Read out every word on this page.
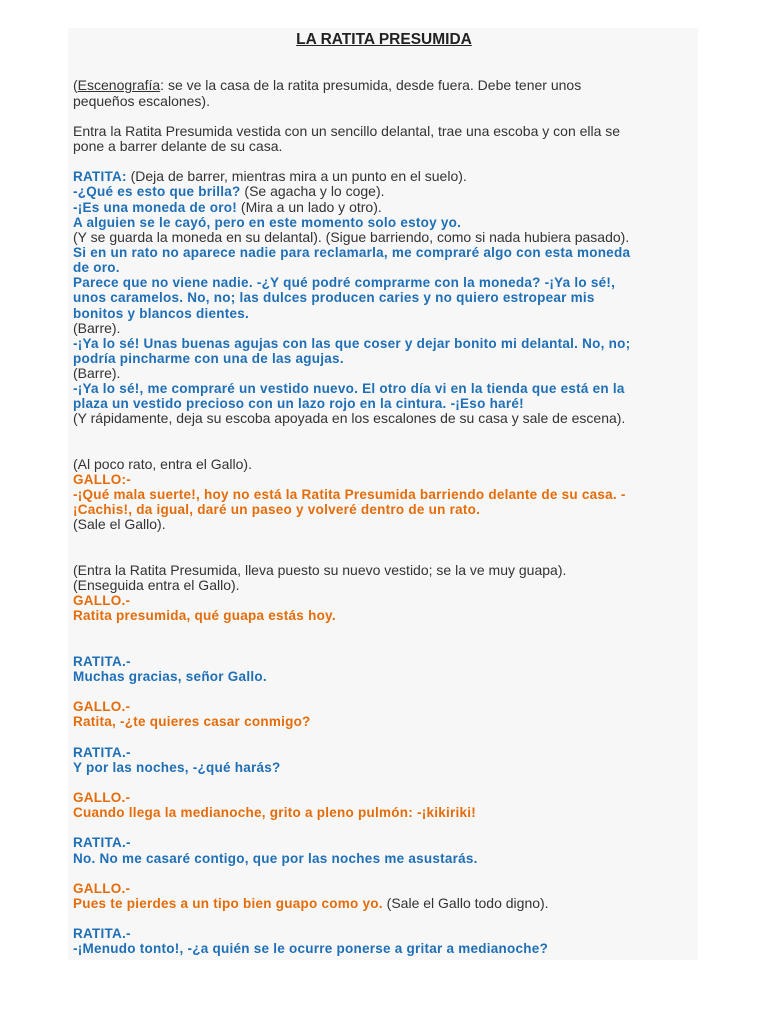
LA RATITA PRESUMIDA
(Escenografía: se ve la casa de la ratita presumida, desde fuera. Debe tener unos
pequeños escalones).
Entra la Ratita Presumida vestida con un sencillo delantal, trae una escoba y con ella se
pone a barrer delante de su casa.
RATITA: (Deja de barrer, mientras mira a un punto en el suelo).
-¿Qué es esto que brilla? (Se agacha y lo coge).
-¡Es una moneda de oro! (Mira a un lado y otro).
A alguien se le cayó, pero en este momento solo estoy yo.
(Y se guarda la moneda en su delantal). (Sigue barriendo, como si nada hubiera pasado).
Si en un rato no aparece nadie para reclamarla, me compraré algo con esta moneda
de oro.
Parece que no viene nadie. -¿Y qué podré comprarme con la moneda? -¡Ya lo sé!,
unos caramelos. No, no; las dulces producen caries y no quiero estropear mis
bonitos y blancos dientes.
(Barre).
-¡Ya lo sé! Unas buenas agujas con las que coser y dejar bonito mi delantal. No, no;
podría pincharme con una de las agujas.
(Barre).
-¡Ya lo sé!, me compraré un vestido nuevo. El otro día vi en la tienda que está en la
plaza un vestido precioso con un lazo rojo en la cintura. -¡Eso haré!
(Y rápidamente, deja su escoba apoyada en los escalones de su casa y sale de escena).
(Al poco rato, entra el Gallo).
GALLO:-
-¡Qué mala suerte!, hoy no está la Ratita Presumida barriendo delante de su casa. -
¡Cachis!, da igual, daré un paseo y volveré dentro de un rato.
(Sale el Gallo).
(Entra la Ratita Presumida, lleva puesto su nuevo vestido; se la ve muy guapa).
(Enseguida entra el Gallo).
GALLO.-
Ratita presumida, qué guapa estás hoy.
RATITA.-
Muchas gracias, señor Gallo.
GALLO.-
Ratita, -¿te quieres casar conmigo?
RATITA.-
Y por las noches, -¿qué harás?
GALLO.-
Cuando llega la medianoche, grito a pleno pulmón: -¡kikiriki!
RATITA.-
No. No me casaré contigo, que por las noches me asustarás.
GALLO.-
Pues te pierdes a un tipo bien guapo como yo. (Sale el Gallo todo digno).
RATITA.-
-¡Menudo tonto!, -¿a quién se le ocurre ponerse a gritar a medianoche?
